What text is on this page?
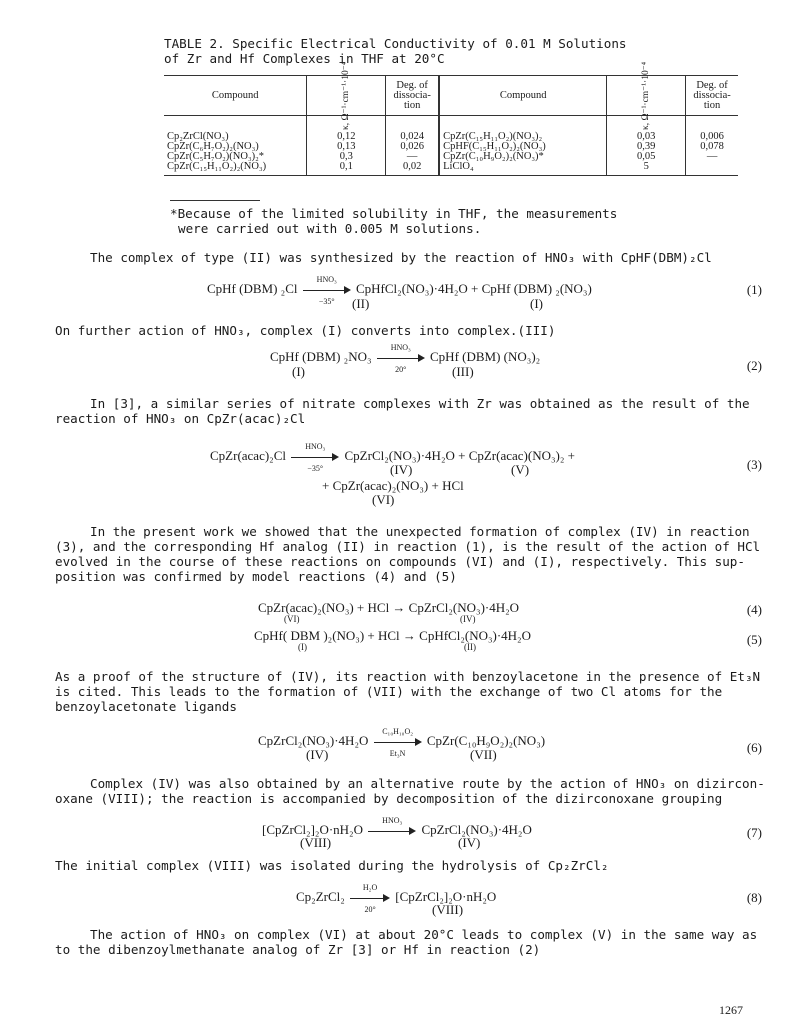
TABLE 2. Specific Electrical Conductivity of 0.01 M Solutions
of Zr and Hf Complexes in THF at 20°C
Compound	κ, Ω⁻¹·cm⁻¹·10⁻⁴	Deg. of dissocia- tion	Compound	κ, Ω⁻¹·cm⁻¹·10⁻⁴	Deg. of dissocia- tion
Cp₂ZrCl(NO₃)	0,12	0,024	CpZr(C₁₅H₁₁O₂)(NO₃)₂	0,03	0,006
CpZr(C₆H₇O₂)₂(NO₃)	0,13	0,026	CpHF(C₁₅H₁₁O₂)₂(NO₃)	0,39	0,078
CpZr(C₅H₇O₂)(NO₃)₂*	0,3	—	CpZr(C₁₀H₉O₂)₂(NO₃)*	0,05	—
CpZr(C₁₅H₁₁O₂)₂(NO₃)	0,1	0,02	LiClO₄	5	
*Because of the limited solubility in THF, the measurements
were carried out with 0.005 M solutions.
The complex of type (II) was synthesized by the reaction of HNO₃ with CpHF(DBM)₂Cl
CpHf (DBM) ₂Cl
HNO₃
−35°
CpHfCl₂(NO₃)·4H₂O + CpHf (DBM) ₂(NO₃)
(II)	(I)
(1)
On further action of HNO₃, complex (I) converts into complex.(III)
CpHf (DBM) ₂NO₃
HNO₃
20°
CpHf (DBM) (NO₃)₂
(I)	(III)	(2)
In [3], a similar series of nitrate complexes with Zr was obtained as the result of the
reaction of HNO₃ on CpZr(acac)₂Cl
CpZr(acac)₂Cl
HNO₃
−35°
CpZrCl₂(NO₃)·4H₂O + CpZr(acac)(NO₃)₂ +
(IV)	(V)
+ CpZr(acac)₂(NO₃) + HCl
(VI)
(3)
In the present work we showed that the unexpected formation of complex (IV) in reaction
(3), and the corresponding Hf analog (II) in reaction (1), is the result of the action of HCl
evolved in the course of these reactions on compounds (VI) and (I), respectively. This sup-
position was confirmed by model reactions (4) and (5)
CpZr(acac)₂(NO₃) + HCl → CpZrCl₂(NO₃)·4H₂O
(VI)	(IV)
(4)
CpHf( DBM )₂(NO₃) + HCl → CpHfCl₂(NO₃)·4H₂O
(I)	(II)	(5)
As a proof of the structure of (IV), its reaction with benzoylacetone in the presence of Et₃N
is cited. This leads to the formation of (VII) with the exchange of two Cl atoms for the
benzoylacetonate ligands
CpZrCl₂(NO₃)·4H₂O
C₁₀H₁₀O₂
Et₃N
CpZr(C₁₀H₉O₂)₂(NO₃)
(IV)	(VII)	(6)
Complex (IV) was also obtained by an alternative route by the action of HNO₃ on dizircon-
oxane (VIII); the reaction is accompanied by decomposition of the dizirconoxane grouping
[CpZrCl₂]₂O·nH₂O
HNO₃
CpZrCl₂(NO₃)·4H₂O
(VIII)	(IV)
(7)
The initial complex (VIII) was isolated during the hydrolysis of Cp₂ZrCl₂
Cp₂ZrCl₂
H₂O
20°
[CpZrCl₂]₂O·nH₂O
(VIII)
(8)
The action of HNO₃ on complex (VI) at about 20°C leads to complex (V) in the same way as
to the dibenzoylmethanate analog of Zr [3] or Hf in reaction (2)
1267
